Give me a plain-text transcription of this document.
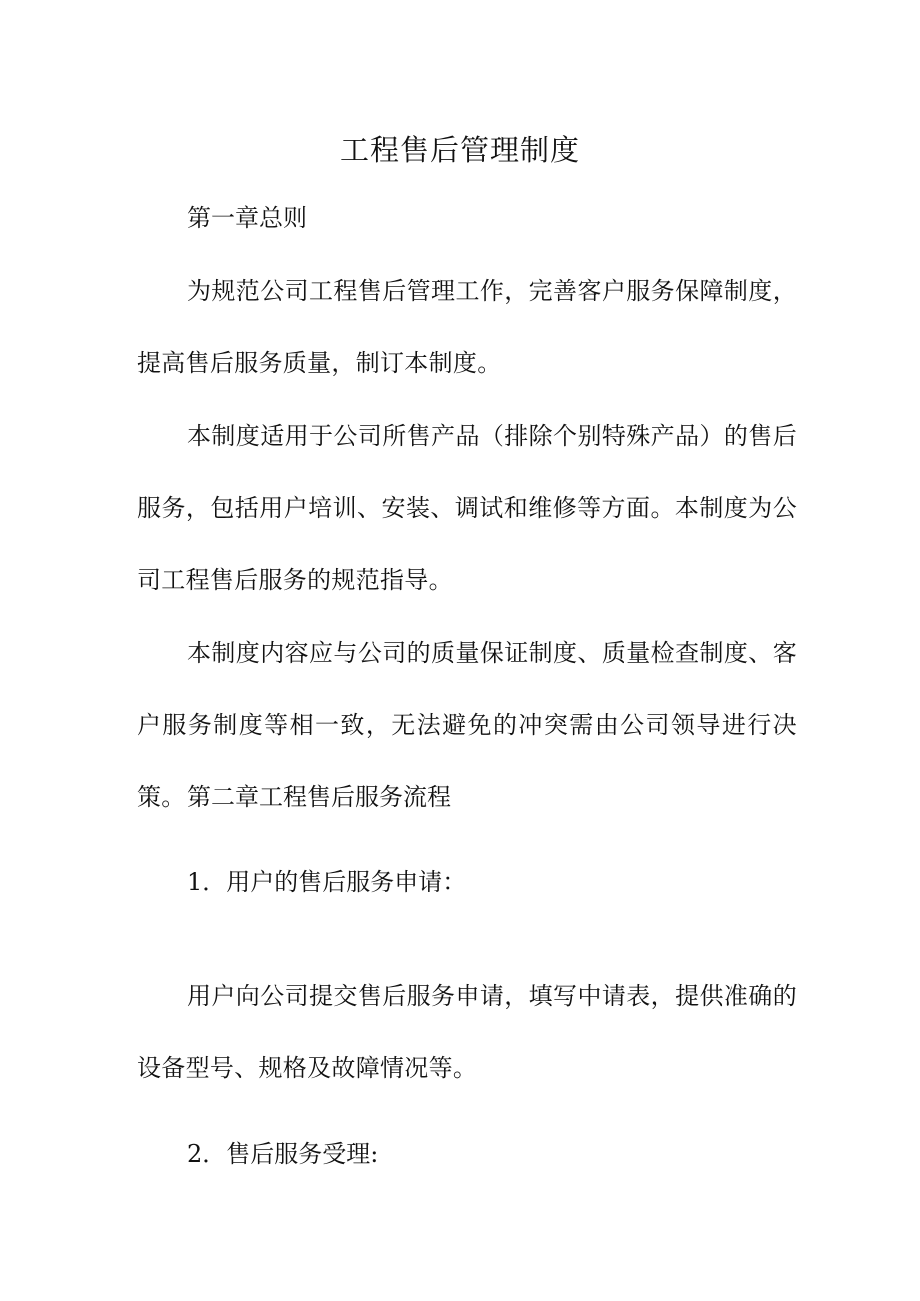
工程售后管理制度
第一章总则

为规范公司工程售后管理工作，完善客户服务保障制度，提高售后服务质量，制订本制度。

本制度适用于公司所售产品（排除个别特殊产品）的售后服务，包括用户培训、安装、调试和维修等方面。本制度为公司工程售后服务的规范指导。

本制度内容应与公司的质量保证制度、质量检查制度、客户服务制度等相一致，无法避免的冲突需由公司领导进行决策。 第二章工程售后服务流程
1．用户的售后服务申请：

用户向公司提交售后服务申请，填写中请表，提供准确的设备型号、规格及故障情况等。

2．售后服务受理:
